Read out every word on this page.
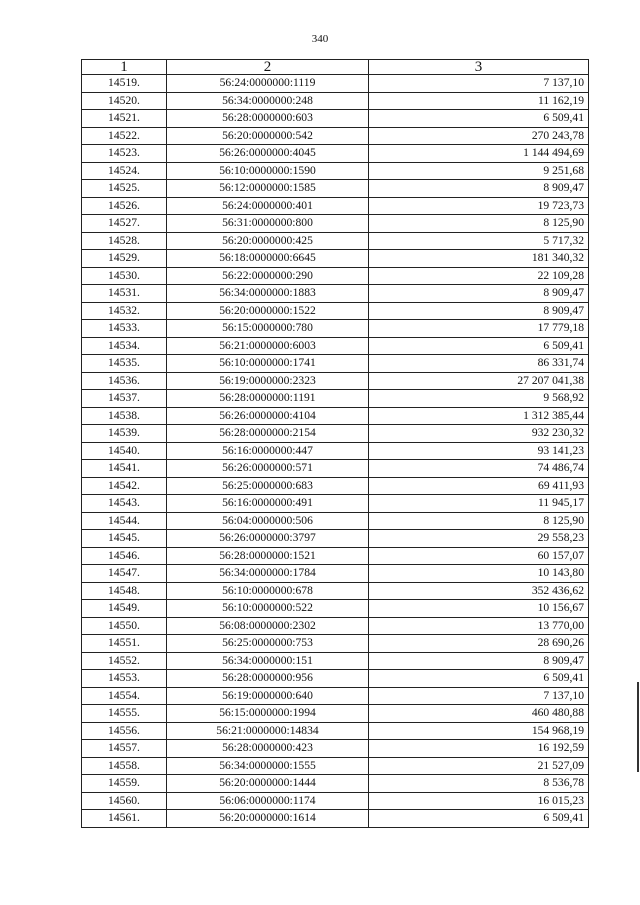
340
1	2	3
14519.	56:24:0000000:1119	7 137,10
14520.	56:34:0000000:248	11 162,19
14521.	56:28:0000000:603	6 509,41
14522.	56:20:0000000:542	270 243,78
14523.	56:26:0000000:4045	1 144 494,69
14524.	56:10:0000000:1590	9 251,68
14525.	56:12:0000000:1585	8 909,47
14526.	56:24:0000000:401	19 723,73
14527.	56:31:0000000:800	8 125,90
14528.	56:20:0000000:425	5 717,32
14529.	56:18:0000000:6645	181 340,32
14530.	56:22:0000000:290	22 109,28
14531.	56:34:0000000:1883	8 909,47
14532.	56:20:0000000:1522	8 909,47
14533.	56:15:0000000:780	17 779,18
14534.	56:21:0000000:6003	6 509,41
14535.	56:10:0000000:1741	86 331,74
14536.	56:19:0000000:2323	27 207 041,38
14537.	56:28:0000000:1191	9 568,92
14538.	56:26:0000000:4104	1 312 385,44
14539.	56:28:0000000:2154	932 230,32
14540.	56:16:0000000:447	93 141,23
14541.	56:26:0000000:571	74 486,74
14542.	56:25:0000000:683	69 411,93
14543.	56:16:0000000:491	11 945,17
14544.	56:04:0000000:506	8 125,90
14545.	56:26:0000000:3797	29 558,23
14546.	56:28:0000000:1521	60 157,07
14547.	56:34:0000000:1784	10 143,80
14548.	56:10:0000000:678	352 436,62
14549.	56:10:0000000:522	10 156,67
14550.	56:08:0000000:2302	13 770,00
14551.	56:25:0000000:753	28 690,26
14552.	56:34:0000000:151	8 909,47
14553.	56:28:0000000:956	6 509,41
14554.	56:19:0000000:640	7 137,10
14555.	56:15:0000000:1994	460 480,88
14556.	56:21:0000000:14834	154 968,19
14557.	56:28:0000000:423	16 192,59
14558.	56:34:0000000:1555	21 527,09
14559.	56:20:0000000:1444	8 536,78
14560.	56:06:0000000:1174	16 015,23
14561.	56:20:0000000:1614	6 509,41
